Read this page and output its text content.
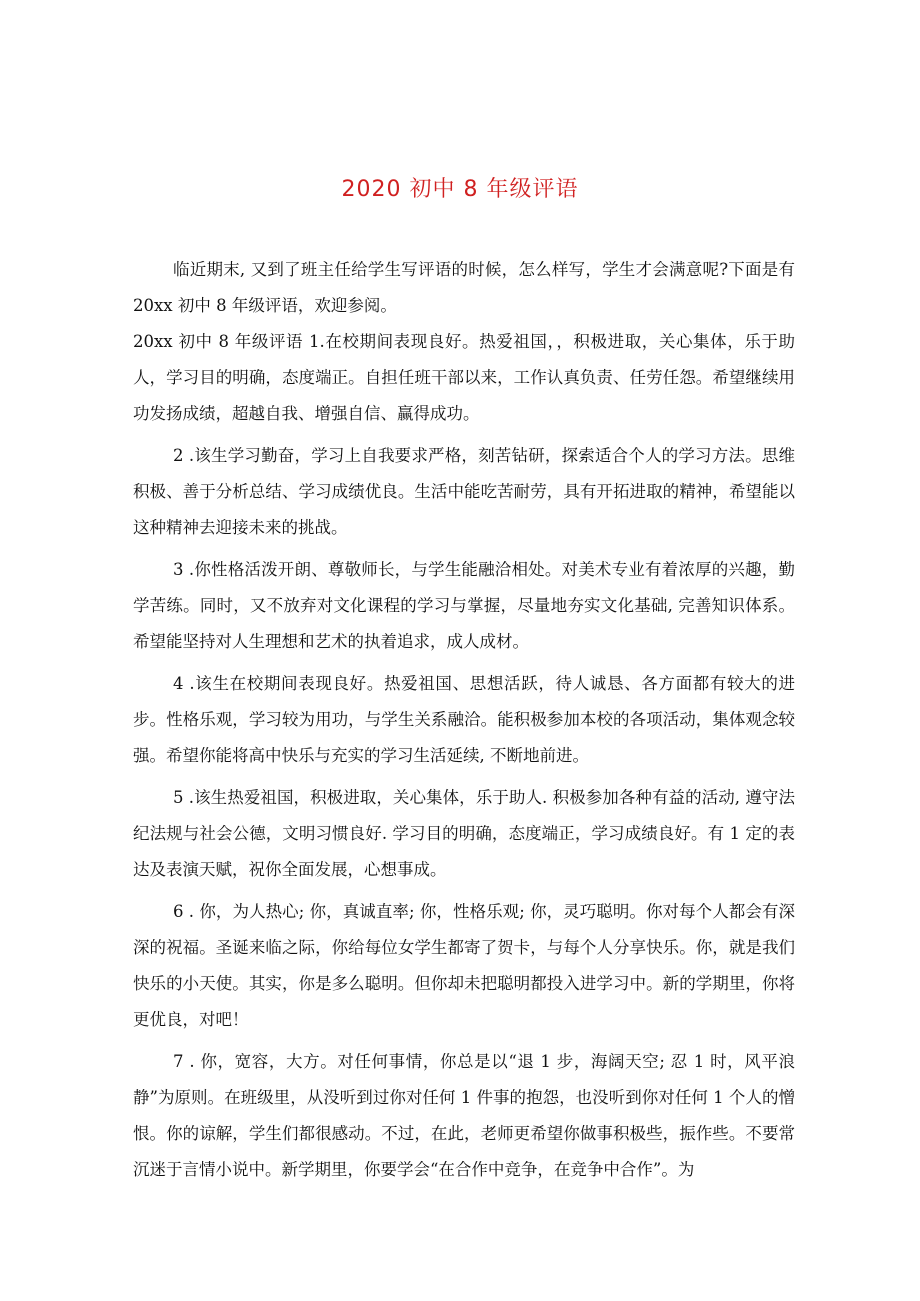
2020 初中 8 年级评语

临近期末, 又到了班主任给学生写评语的时候，怎么样写，学生才会满意呢?下面是有 20xx 初中 8 年级评语，欢迎参阅。

20xx 初中 8 年级评语 1.在校期间表现良好。热爱祖国，，积极进取，关心集体，乐于助人，学习目的明确，态度端正。自担任班干部以来，工作认真负责、任劳任怨。希望继续用功发扬成绩，超越自我、增强自信、赢得成功。

2 .该生学习勤奋，学习上自我要求严格，刻苦钻研，探索适合个人的学习方法。思维积极、善于分析总结、学习成绩优良。生活中能吃苦耐劳，具有开拓进取的精神，希望能以这种精神去迎接未来的挑战。

3 .你性格活泼开朗、尊敬师长，与学生能融洽相处。对美术专业有着浓厚的兴趣，勤学苦练。同时，又不放弃对文化课程的学习与掌握，尽量地夯实文化基础, 完善知识体系。希望能坚持对人生理想和艺术的执着追求，成人成材。

4 .该生在校期间表现良好。热爱祖国、思想活跃，待人诚恳、各方面都有较大的进步。性格乐观，学习较为用功，与学生关系融洽。能积极参加本校的各项活动，集体观念较强。希望你能将高中快乐与充实的学习生活延续, 不断地前进。

5 .该生热爱祖国，积极进取，关心集体，乐于助人. 积极参加各种有益的活动, 遵守法纪法规与社会公德，文明习惯良好. 学习目的明确，态度端正，学习成绩良好。有 1 定的表达及表演天赋，祝你全面发展，心想事成。

6 . 你，为人热心; 你，真诚直率; 你，性格乐观; 你，灵巧聪明。你对每个人都会有深深的祝福。圣诞来临之际，你给每位女学生都寄了贺卡，与每个人分享快乐。你，就是我们快乐的小天使。其实，你是多么聪明。但你却未把聪明都投入进学习中。新的学期里，你将更优良，对吧！

7 . 你，宽容，大方。对任何事情，你总是以“退 1 步，海阔天空; 忍 1 时，风平浪静”为原则。在班级里，从没听到过你对任何 1 件事的抱怨，也没听到你对任何 1 个人的憎恨。你的谅解，学生们都很感动。不过，在此，老师更希望你做事积极些，振作些。不要常沉迷于言情小说中。新学期里，你要学会“在合作中竞争，在竞争中合作”。为
